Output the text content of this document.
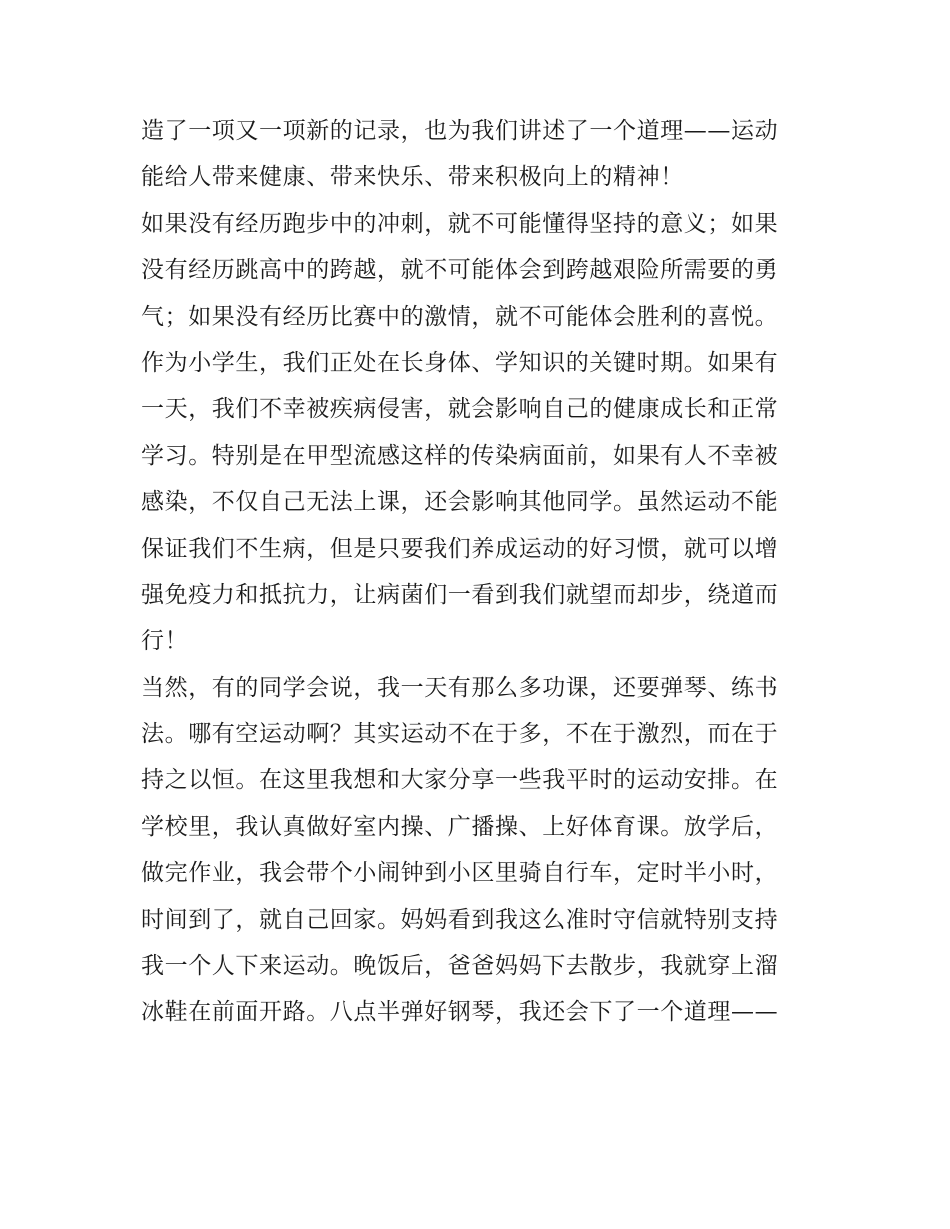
造了一项又一项新的记录，也为我们讲述了一个道理——运动
能给人带来健康、带来快乐、带来积极向上的精神！
如果没有经历跑步中的冲刺，就不可能懂得坚持的意义；如果
没有经历跳高中的跨越，就不可能体会到跨越艰险所需要的勇
气；如果没有经历比赛中的激情，就不可能体会胜利的喜悦。
作为小学生，我们正处在长身体、学知识的关键时期。如果有
一天，我们不幸被疾病侵害，就会影响自己的健康成长和正常
学习。特别是在甲型流感这样的传染病面前，如果有人不幸被
感染，不仅自己无法上课，还会影响其他同学。虽然运动不能
保证我们不生病，但是只要我们养成运动的好习惯，就可以增
强免疫力和抵抗力，让病菌们一看到我们就望而却步，绕道而
行！
当然，有的同学会说，我一天有那么多功课，还要弹琴、练书
法。哪有空运动啊？其实运动不在于多，不在于激烈，而在于
持之以恒。在这里我想和大家分享一些我平时的运动安排。在
学校里，我认真做好室内操、广播操、上好体育课。放学后，
做完作业，我会带个小闹钟到小区里骑自行车，定时半小时，
时间到了，就自己回家。妈妈看到我这么准时守信就特别支持
我一个人下来运动。晚饭后，爸爸妈妈下去散步，我就穿上溜
冰鞋在前面开路。八点半弹好钢琴，我还会下了一个道理——
